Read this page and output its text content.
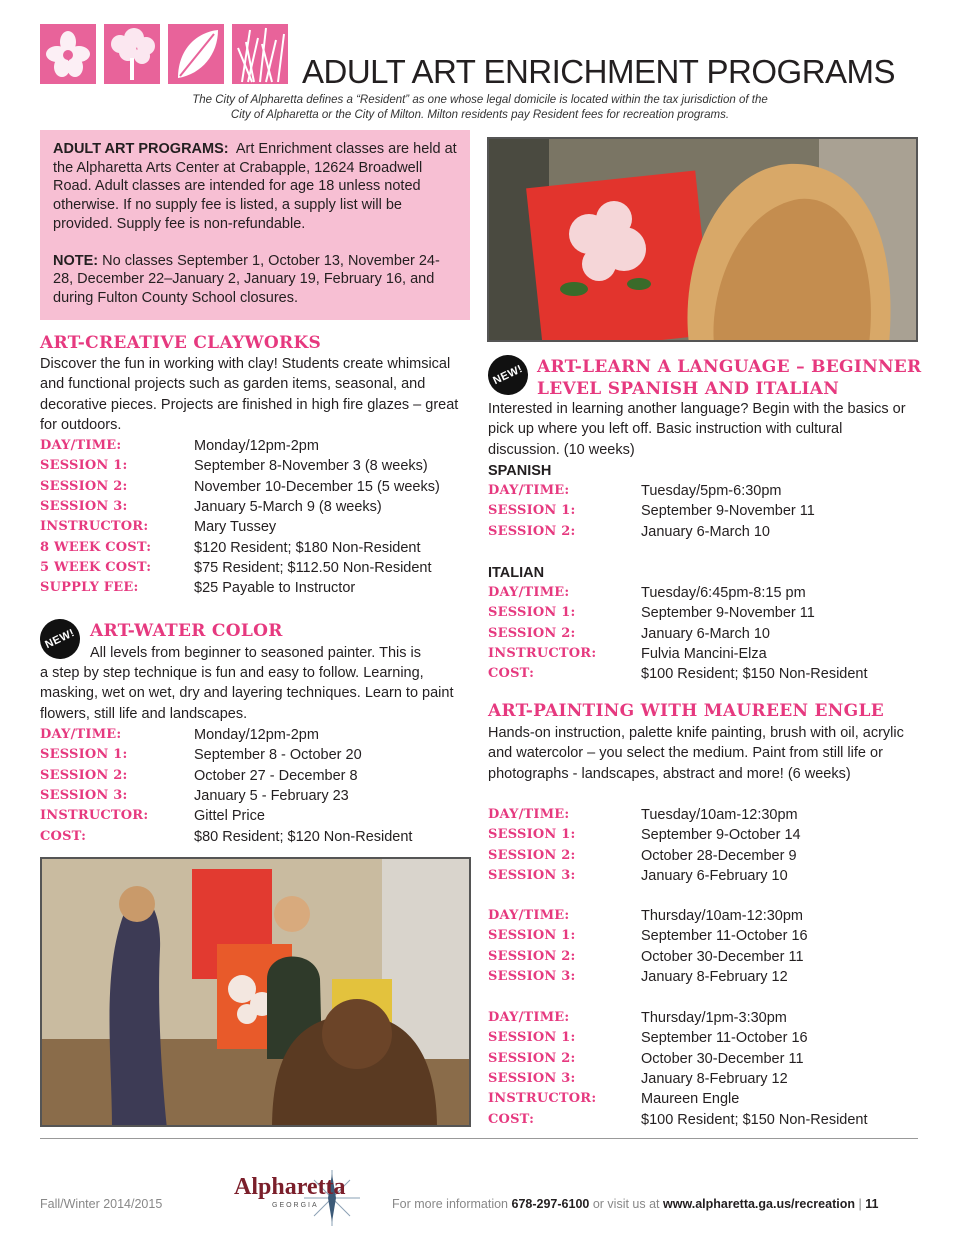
ADULT ART ENRICHMENT PROGRAMS
The City of Alpharetta defines a “Resident” as one whose legal domicile is located within the tax jurisdiction of the
City of Alpharetta or the City of Milton. Milton residents pay Resident fees for recreation programs.

ADULT ART PROGRAMS: Art Enrichment classes are held at the Alpharetta Arts Center at Crabapple, 12624 Broadwell Road. Adult classes are intended for age 18 unless noted otherwise. If no supply fee is listed, a supply list will be provided. Supply fee is non-refundable.

NOTE: No classes September 1, October 13, November 24-28, December 22–January 2, January 19, February 16, and during Fulton County School closures.

ART-CREATIVE CLAYWORKS
Discover the fun in working with clay! Students create whimsical and functional projects such as garden items, seasonal, and decorative pieces. Projects are finished in high fire glazes – great for outdoors.
DAY/TIME:	Monday/12pm-2pm
SESSION 1:	September 8-November 3 (8 weeks)
SESSION 2:	November 10-December 15 (5 weeks)
SESSION 3:	January 5-March 9 (8 weeks)
INSTRUCTOR:	Mary Tussey
8 WEEK COST:	$120 Resident; $180 Non-Resident
5 WEEK COST:	$75 Resident; $112.50 Non-Resident
SUPPLY FEE:	$25 Payable to Instructor
NEW! ART-WATER COLOR
All levels from beginner to seasoned painter. This is
a step by step technique is fun and easy to follow. Learning, masking, wet on wet, dry and layering techniques. Learn to paint flowers, still life and landscapes.
DAY/TIME:	Monday/12pm-2pm
SESSION 1:	September 8 - October 20
SESSION 2:	October 27 - December 8
SESSION 3:	January 5 - February 23
INSTRUCTOR:	Gittel Price
COST:	$80 Resident; $120 Non-Resident
NEW! ART-LEARN A LANGUAGE – BEGINNER
LEVEL SPANISH AND ITALIAN
Interested in learning another language? Begin with the basics or pick up where you left off. Basic instruction with cultural discussion. (10 weeks)
SPANISH
DAY/TIME:	Tuesday/5pm-6:30pm
SESSION 1:	September 9-November 11
SESSION 2:	January 6-March 10
ITALIAN
DAY/TIME:	Tuesday/6:45pm-8:15 pm
SESSION 1:	September 9-November 11
SESSION 2:	January 6-March 10
INSTRUCTOR:	Fulvia Mancini-Elza
COST:	$100 Resident; $150 Non-Resident
ART-PAINTING WITH MAUREEN ENGLE
Hands-on instruction, palette knife painting, brush with oil, acrylic and watercolor – you select the medium. Paint from still life or photographs - landscapes, abstract and more! (6 weeks)
DAY/TIME:	Tuesday/10am-12:30pm
SESSION 1:	September 9-October 14
SESSION 2:	October 28-December 9
SESSION 3:	January 6-February 10
DAY/TIME:	Thursday/10am-12:30pm
SESSION 1:	September 11-October 16
SESSION 2:	October 30-December 11
SESSION 3:	January 8-February 12
DAY/TIME:	Thursday/1pm-3:30pm
SESSION 1:	September 11-October 16
SESSION 2:	October 30-December 11
SESSION 3:	January 8-February 12
INSTRUCTOR:	Maureen Engle
COST:	$100 Resident; $150 Non-Resident
Fall/Winter 2014/2015
Alpharetta
GEORGIA	For more information 678-297-6100 or visit us at www.alpharetta.ga.us/recreation | 11
